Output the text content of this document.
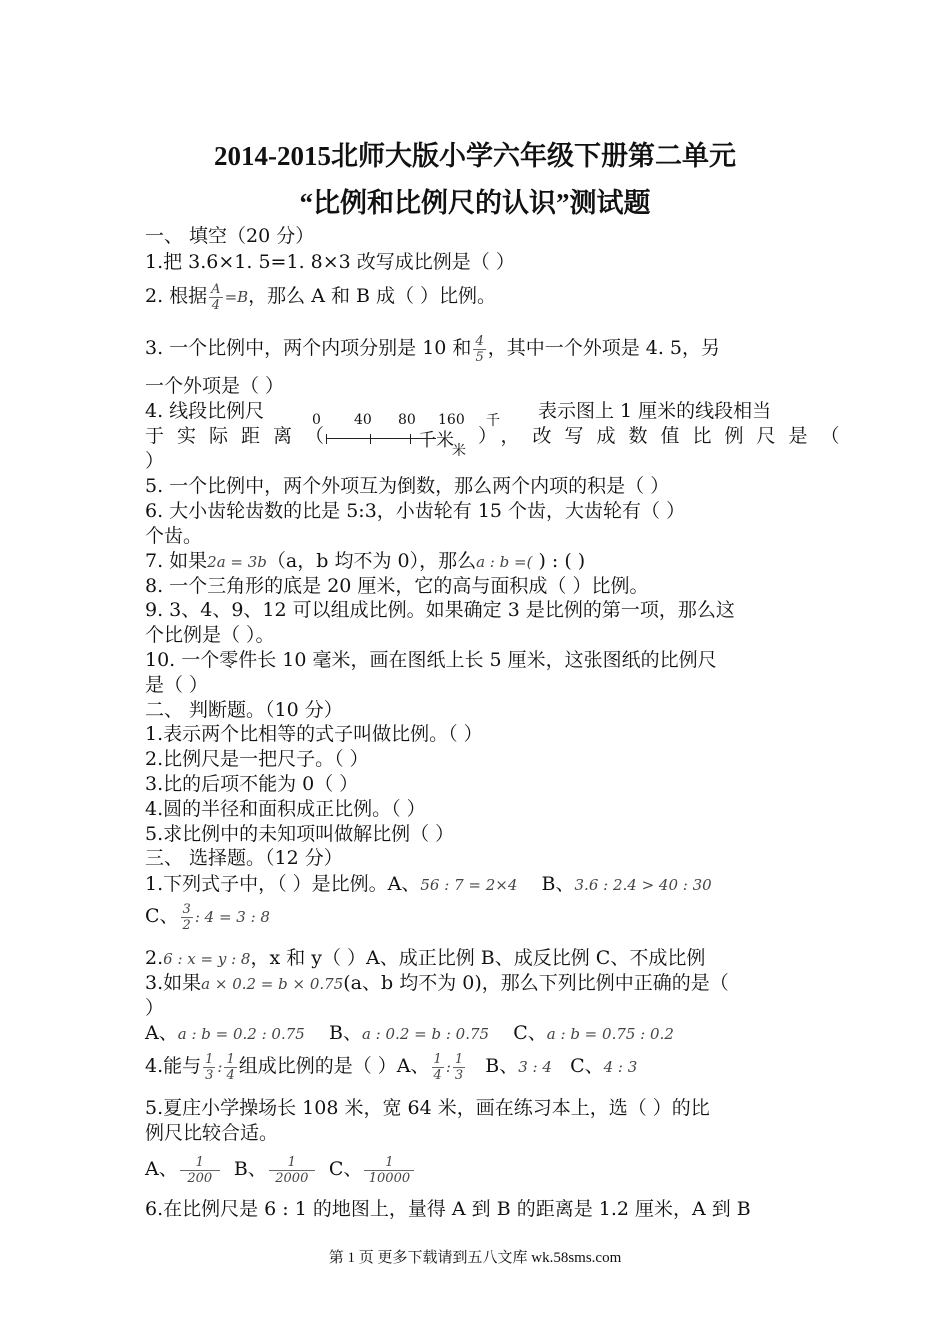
2014-2015北师大版小学六年级下册第二单元
“比例和比例尺的认识”测试题
一、 填空（20 分）
1.把 3.6×1. 5=1. 8×3 改写成比例是（ ）
2. 根据 $\frac{A}{4} =B$，那么 A 和 B 成（ ）比例。
3. 一个比例中，两个内项分别是 10 和 $\frac{4}{5}$ ，其中一个外项是 4. 5，另
一个外项是（ ）
4. 线段比例尺	表示图上 1 厘米的线段相当
0 40 80 160 千
千米
米
于实际距离（	），改写成数值比例尺是（
）
5. 一个比例中，两个外项互为倒数，那么两个内项的积是（ ）
6. 大小齿轮齿数的比是 5:3，小齿轮有 15 个齿，大齿轮有（ ）
个齿。
7. 如果2a = 3b（a，b 均不为 0），那么a : b =( ) : ( )
8. 一个三角形的底是 20 厘米，它的高与面积成（ ）比例。
9. 3、4、9、12 可以组成比例。如果确定 3 是比例的第一项，那么这
个比例是（ ）。
10. 一个零件长 10 毫米，画在图纸上长 5 厘米，这张图纸的比例尺
是（ ）
二、 判断题。（10 分）
1.表示两个比相等的式子叫做比例。（ ）
2.比例尺是一把尺子。（ ）
3.比的后项不能为 0（ ）
4.圆的半径和面积成正比例。（ ）
5.求比例中的未知项叫做解比例（ ）
三、 选择题。（12 分）
1.下列式子中，（ ）是比例。A、56 : 7 = 2×4 B、3.6 : 2.4 > 40 : 30
C、 $\frac{3}{2}$ : 4 = 3 : 8
2.6 : x = y : 8，x 和 y（ ）A、成正比例 B、成反比例 C、不成比例
3.如果a × 0.2 = b × 0.75(a、b 均不为 0)，那么下列比例中正确的是（
）
A、a : b = 0.2 : 0.75 B、a : 0.2 = b : 0.75 C、a : b = 0.75 : 0.2
4.能与 $\frac{1}{3}$ : $\frac{1}{4}$ 组成比例的是（ ）A、 $\frac{1}{4}$ : $\frac{1}{3}$ B、3 : 4 C、4 : 3
5.夏庄小学操场长 108 米，宽 64 米，画在练习本上，选（ ）的比
例尺比较合适。
A、 $\frac{1}{200}$ B、 $\frac{1}{2000}$ C、 $\frac{1}{10000}$
6.在比例尺是 6 : 1 的地图上，量得 A 到 B 的距离是 1.2 厘米，A 到 B
第 1 页 更多下载请到五八文库 wk.58sms.com
